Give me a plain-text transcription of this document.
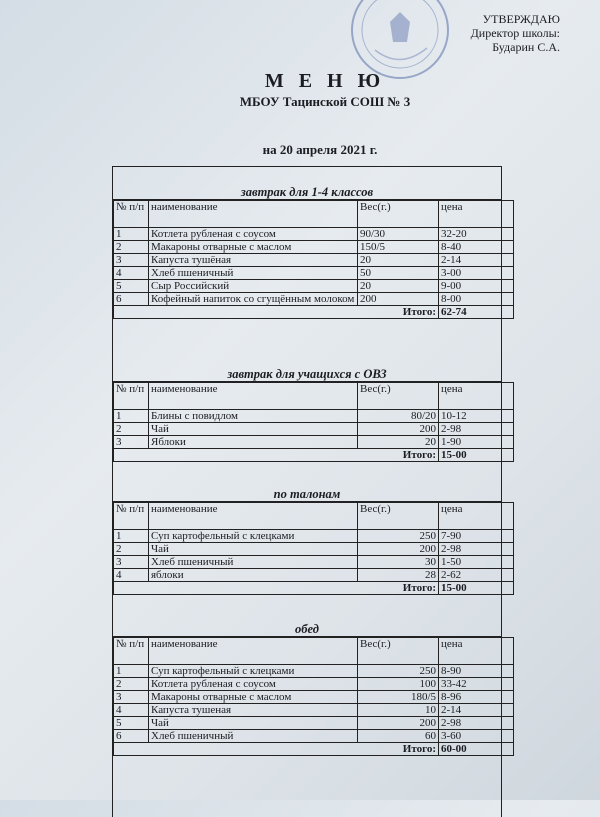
УТВЕРЖДАЮ
Директор школы:
Бударин С.А.
М Е Н Ю
МБОУ Тацинской СОШ № 3
на 20 апреля 2021 г.
завтрак для 1-4 классов
№ п/п	наименование	Вес(г.)	цена
1	Котлета рубленая с соусом	90/30	32-20
2	Макароны отварные с маслом	150/5	8-40
3	Капуста тушёная	20	2-14
4	Хлеб пшеничный	50	3-00
5	Сыр Российский	20	9-00
6	Кофейный напиток со сгущённым молоком	200	8-00
Итого:			62-74
завтрак для учащихся с ОВЗ
№ п/п	наименование	Вес(г.)	цена
1	Блины с повидлом	80/20	10-12
2	Чай	200	2-98
3	Яблоки	20	1-90
Итого:			15-00
по талонам
№ п/п	наименование	Вес(г.)	цена
1	Суп картофельный с клецками	250	7-90
2	Чай	200	2-98
3	Хлеб пшеничный	30	1-50
4	яблоки	28	2-62
Итого:			15-00
обед
№ п/п	наименование	Вес(г.)	цена
1	Суп картофельный с клецками	250	8-90
2	Котлета рубленая с соусом	100	33-42
3	Макароны отварные с маслом	180/5	8-96
4	Капуста тушеная	10	2-14
5	Чай	200	2-98
6	Хлеб пшеничный	60	3-60
Итого:			60-00
